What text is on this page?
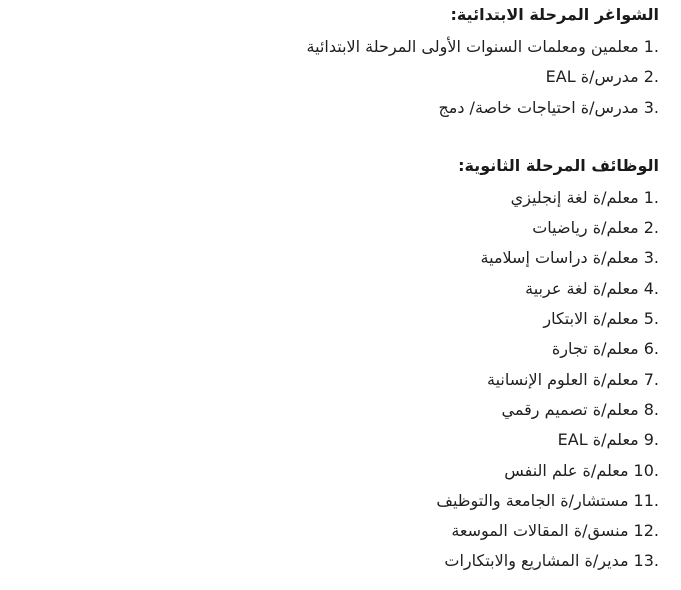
الشواغر المرحلة الابتدائية:
1.معلمين ومعلمات السنوات الأولى المرحلة الابتدائية
2.مدرس/ة EAL
3.مدرس/ة احتياجات خاصة/ دمج
الوظائف المرحلة الثانوية:
1.معلم/ة لغة إنجليزي
2.معلم/ة رياضيات
3.معلم/ة دراسات إسلامية
4.معلم/ة لغة عربية
5.معلم/ة الابتكار
6.معلم/ة تجارة
7.معلم/ة العلوم الإنسانية
8.معلم/ة تصميم رقمي
9.معلم/ة EAL
10.معلم/ة علم النفس
11.مستشار/ة الجامعة والتوظيف
12.منسق/ة المقالات الموسعة
13.مدير/ة المشاريع والابتكارات
